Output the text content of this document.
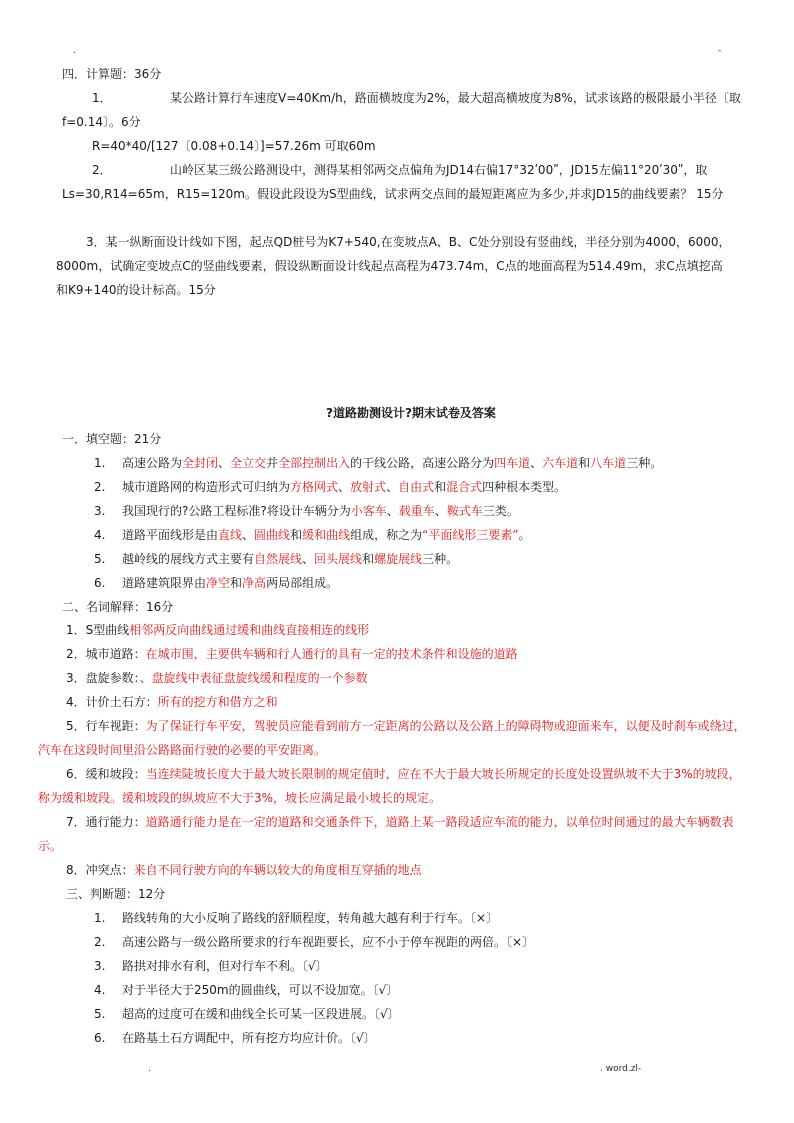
.	-
.	. word.zl-
四．计算题：36分
1．	某公路计算行车速度V=40Km/h，路面横坡度为2%，最大超高横坡度为8%，试求该路的极限最小半径〔取
f=0.14〕。6分
R=40*40/[127〔0.08+0.14〕]=57.26m 可取60m
2．	山岭区某三级公路测设中，测得某相邻两交点偏角为JD14右偏17°32ʹ00ʺ，JD15左偏11°20ʹ30ʺ，取
Ls=30,R14=65m，R15=120m。假设此段设为S型曲线，试求两交点间的最短距离应为多少,并求JD15的曲线要素？ 15分
3．某一纵断面设计线如下图，起点QD桩号为K7+540,在变坡点A、B、C处分别设有竖曲线，半径分别为4000，6000，
8000m，试确定变坡点C的竖曲线要素，假设纵断面设计线起点高程为473.74m，C点的地面高程为514.49m，求C点填挖高
和K9+140的设计标高。15分
?道路勘测设计?期末试卷及答案
一．填空题：21分
1. 高速公路为全封闭、全立交并全部控制出入的干线公路，高速公路分为四车道、六车道和八车道三种。
2. 城市道路网的构造形式可归纳为方格网式、放射式、自由式和混合式四种根本类型。
3. 我国现行的?公路工程标准?将设计车辆分为小客车、载重车、鞍式车三类。
4. 道路平面线形是由直线、圆曲线和缓和曲线组成，称之为“平面线形三要素”。
5. 越岭线的展线方式主要有自然展线、回头展线和螺旋展线三种。
6. 道路建筑限界由净空和净高两局部组成。
二、名词解释：16分
1．S型曲线相邻两反向曲线通过缓和曲线直接相连的线形
2．城市道路：在城市围，主要供车辆和行人通行的具有一定的技术条件和设施的道路
3．盘旋参数：、盘旋线中表征盘旋线缓和程度的一个参数
4．计价土石方：所有的挖方和借方之和
5．行车视距：为了保证行车平安，驾驶员应能看到前方一定距离的公路以及公路上的障碍物或迎面来车，以便及时刹车或绕过，
汽车在这段时间里沿公路路面行驶的必要的平安距离。
6．缓和坡段：当连续陡坡长度大于最大坡长限制的规定值时，应在不大于最大坡长所规定的长度处设置纵坡不大于3%的坡段，
称为缓和坡段。缓和坡段的纵坡应不大于3%，坡长应满足最小坡长的规定。
7．通行能力：道路通行能力是在一定的道路和交通条件下，道路上某一路段适应车流的能力，以单位时间通过的最大车辆数表
示。
8．冲突点：来自不同行驶方向的车辆以较大的角度相互穿插的地点
三、判断题：12分
1. 路线转角的大小反响了路线的舒顺程度，转角越大越有利于行车。〔×〕
2. 高速公路与一级公路所要求的行车视距要长，应不小于停车视距的两倍。〔×〕
3. 路拱对排水有利，但对行车不利。〔√〕
4. 对于半径大于250m的圆曲线，可以不设加宽。〔√〕
5. 超高的过度可在缓和曲线全长可某一区段进展。〔√〕
6. 在路基土石方调配中，所有挖方均应计价。〔√〕
